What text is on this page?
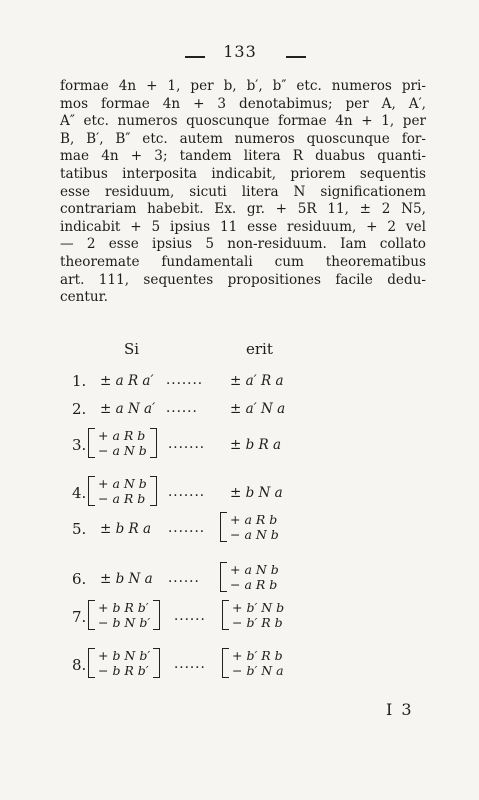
133
formae 4n + 1, per b, b′, b″ etc. numeros pri-
mos formae 4n + 3 denotabimus; per A, A′,
A″ etc. numeros quoscunque formae 4n + 1, per
B, B′, B″ etc. autem numeros quoscunque for-
mae 4n + 3; tandem litera R duabus quanti-
tatibus interposita indicabit, priorem sequentis
esse residuum, sicuti litera N significationem
contrariam habebit. Ex. gr. + 5R 11, ± 2 N5,
indicabit + 5 ipsius 11 esse residuum, + 2 vel
— 2 esse ipsius 5 non-residuum. Iam collato
theoremate fundamentali cum theorematibus
art. 111, sequentes propositiones facile dedu-
centur.
Si	erit
1.	± a R a′ ....... ± a′ R a
2.	± a N a′ ...... ± a′ N a
3.
+ a R b
− a N b	....... ± b R a
4.
+ a N b
− a R b	....... ± b N a
5.	± b R a .......
+ a R b
− a N b
6.	± b N a ......
+ a N b
− a R b
7.
+ b R b′
− b N b′	......
+ b′ N b
− b′ R b
8.
+ b N b′
− b R b′	......
+ b′ R b
− b′ N a
I 3
